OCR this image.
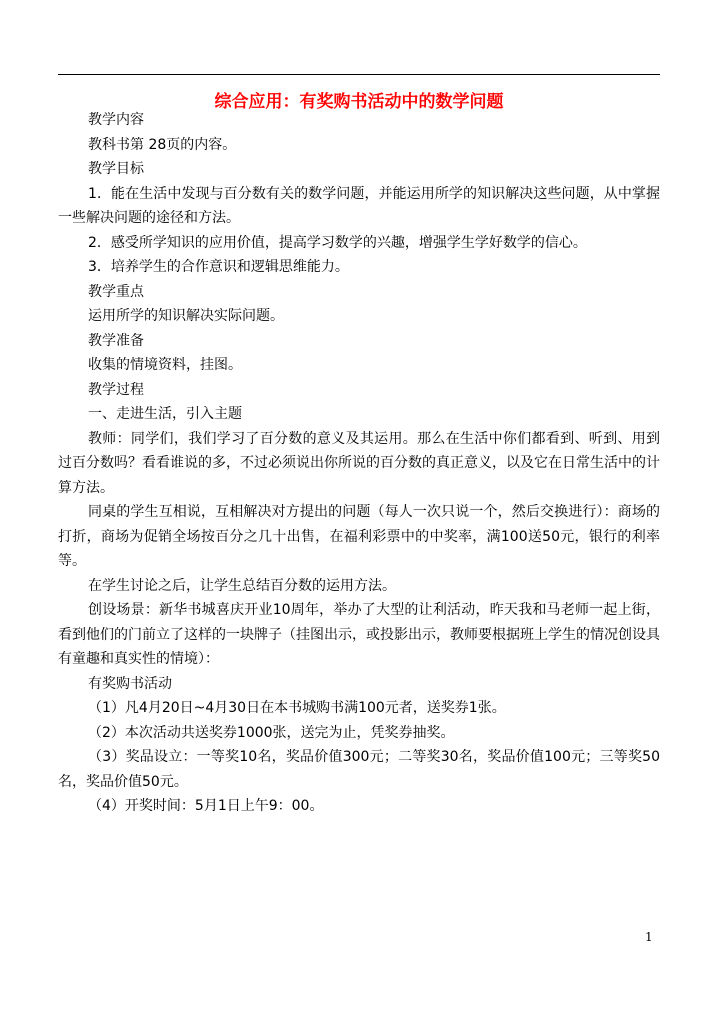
综合应用：有奖购书活动中的数学问题

教学内容

教科书第 28页的内容。

教学目标

1．能在生活中发现与百分数有关的数学问题，并能运用所学的知识解决这些问题，从中掌握一些解决问题的途径和方法。

2．感受所学知识的应用价值，提高学习数学的兴趣，增强学生学好数学的信心。

3．培养学生的合作意识和逻辑思维能力。

教学重点

运用所学的知识解决实际问题。

教学准备

收集的情境资料，挂图。

教学过程

一、走进生活，引入主题

教师：同学们，我们学习了百分数的意义及其运用。那么在生活中你们都看到、听到、用到过百分数吗？看看谁说的多，不过必须说出你所说的百分数的真正意义，以及它在日常生活中的计算方法。

同桌的学生互相说，互相解决对方提出的问题（每人一次只说一个，然后交换进行）：商场的打折，商场为促销全场按百分之几十出售，在福利彩票中的中奖率，满100送50元，银行的利率等。

在学生讨论之后，让学生总结百分数的运用方法。

创设场景：新华书城喜庆开业10周年，举办了大型的让利活动，昨天我和马老师一起上街，看到他们的门前立了这样的一块牌子（挂图出示，或投影出示，教师要根据班上学生的情况创设具有童趣和真实性的情境）：

有奖购书活动

（1）凡4月20日~4月30日在本书城购书满100元者，送奖券1张。

（2）本次活动共送奖券1000张，送完为止，凭奖券抽奖。

（3）奖品设立：一等奖10名，奖品价值300元；二等奖30名，奖品价值100元；三等奖50名，奖品价值50元。

（4）开奖时间：5月1日上午9：00。

1
